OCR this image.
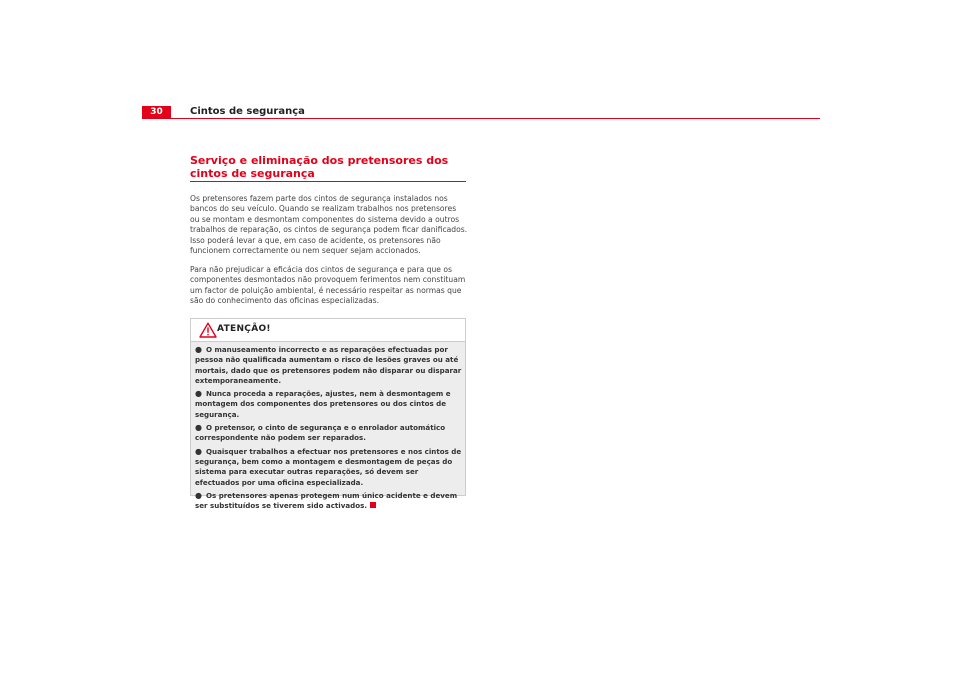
30	Cintos de segurança
Serviço e eliminação dos pretensores dos cintos de segurança

Os pretensores fazem parte dos cintos de segurança instalados nos bancos do seu veículo. Quando se realizam trabalhos nos pretensores ou se montam e desmontam componentes do sistema devido a outros trabalhos de reparação, os cintos de segurança podem ficar danificados. Isso poderá levar a que, em caso de acidente, os pretensores não funcionem correctamente ou nem sequer sejam accionados.

Para não prejudicar a eficácia dos cintos de segurança e para que os componentes desmontados não provoquem ferimentos nem constituam um factor de poluição ambiental, é necessário respeitar as normas que são do conhecimento das oficinas especializadas.

ATENÇÃO!
● O manuseamento incorrecto e as reparações efectuadas por pessoa não qualificada aumentam o risco de lesões graves ou até mortais, dado que os pretensores podem não disparar ou disparar extemporaneamente.
● Nunca proceda a reparações, ajustes, nem à desmontagem e montagem dos componentes dos pretensores ou dos cintos de segurança.
● O pretensor, o cinto de segurança e o enrolador automático correspondente não podem ser reparados.
● Quaisquer trabalhos a efectuar nos pretensores e nos cintos de segurança, bem como a montagem e desmontagem de peças do sistema para executar outras reparações, só devem ser efectuados por uma oficina especializada.
● Os pretensores apenas protegem num único acidente e devem ser substituídos se tiverem sido activados.
